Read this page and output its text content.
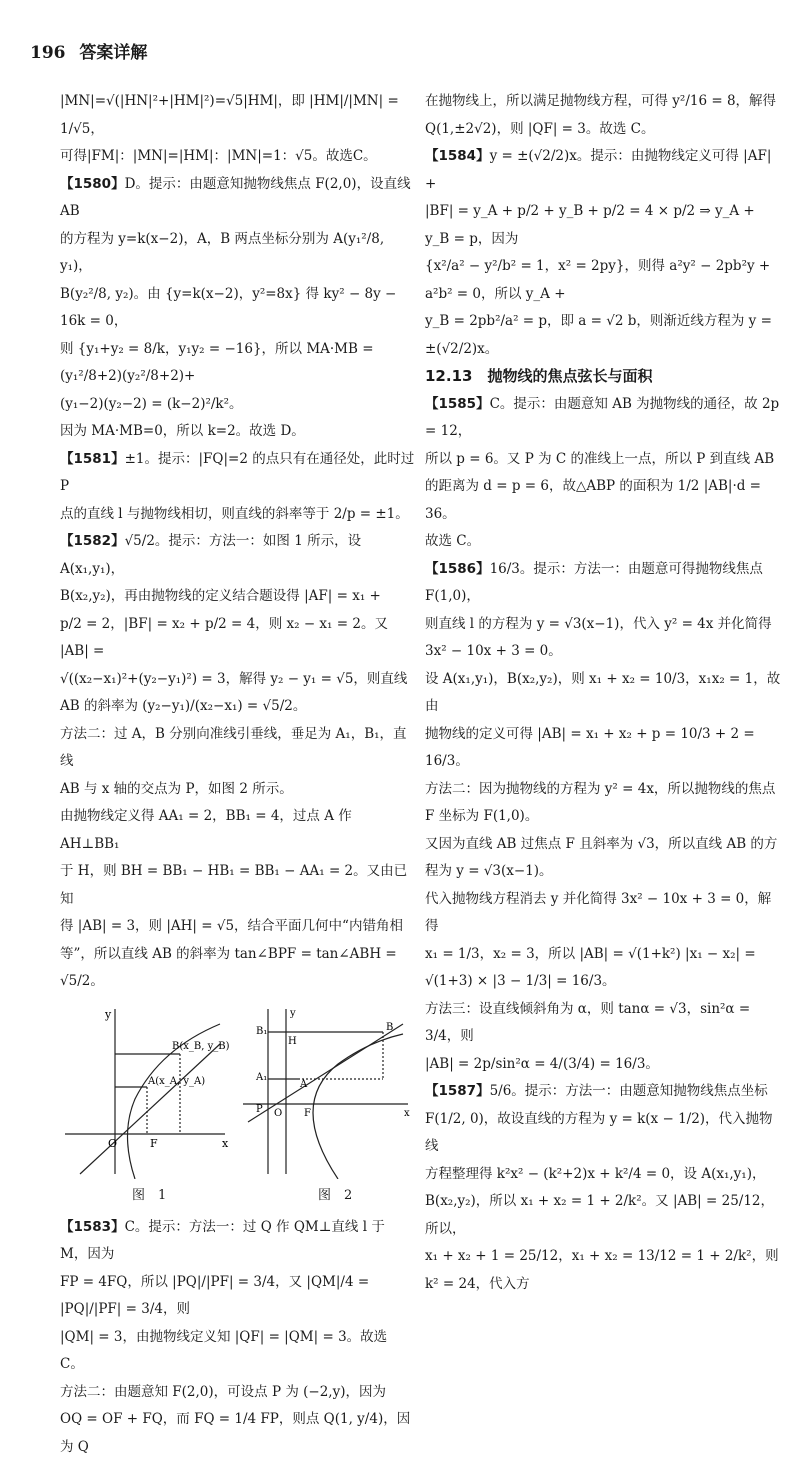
196 答案详解

|MN|=√(|HN|²+|HM|²)=√5|HM|，即 |HM|/|MN| = 1/√5，

可得|FM|：|MN|=|HM|：|MN|=1：√5。故选C。

【1580】D。提示：由题意知抛物线焦点 F(2,0)，设直线 AB

的方程为 y=k(x−2)，A，B 两点坐标分别为 A(y₁²/8, y₁)，

B(y₂²/8, y₂)。由 {y=k(x−2)，y²=8x} 得 ky² − 8y − 16k = 0，

则 {y₁+y₂ = 8/k，y₁y₂ = −16}，所以 MA·MB = (y₁²/8+2)(y₂²/8+2)+

(y₁−2)(y₂−2) = (k−2)²/k²。

因为 MA·MB=0，所以 k=2。故选 D。

【1581】±1。提示：|FQ|=2 的点只有在通径处，此时过 P

点的直线 l 与抛物线相切，则直线的斜率等于 2/p = ±1。

【1582】√5/2。提示：方法一：如图 1 所示，设 A(x₁,y₁)，

B(x₂,y₂)，再由抛物线的定义结合题设得 |AF| = x₁ +

p/2 = 2，|BF| = x₂ + p/2 = 4，则 x₂ − x₁ = 2。又 |AB| =

√((x₂−x₁)²+(y₂−y₁)²) = 3，解得 y₂ − y₁ = √5，则直线

AB 的斜率为 (y₂−y₁)/(x₂−x₁) = √5/2。

方法二：过 A，B 分别向准线引垂线，垂足为 A₁，B₁，直线

AB 与 x 轴的交点为 P，如图 2 所示。

由抛物线定义得 AA₁ = 2，BB₁ = 4，过点 A 作 AH⊥BB₁

于 H，则 BH = BB₁ − HB₁ = BB₁ − AA₁ = 2。又由已知

得 |AB| = 3，则 |AH| = √5，结合平面几何中“内错角相

等”，所以直线 AB 的斜率为 tan∠BPF = tan∠ABH = √5/2。

O	F	x
y
B(x_B, y_B)
A(x_A, y_A)
图　1
B₁
A₁
H
B
A
P O F	x
y
图　2

【1583】C。提示：方法一：过 Q 作 QM⊥直线 l 于 M，因为

FP = 4FQ，所以 |PQ|/|PF| = 3/4，又 |QM|/4 = |PQ|/|PF| = 3/4，则

|QM| = 3，由抛物线定义知 |QF| = |QM| = 3。故选 C。

方法二：由题意知 F(2,0)，可设点 P 为 (−2,y)，因为

OQ = OF + FQ，而 FQ = 1/4 FP，则点 Q(1, y/4)，因为 Q

在抛物线上，所以满足抛物线方程，可得 y²/16 = 8，解得

Q(1,±2√2)，则 |QF| = 3。故选 C。

【1584】y = ±(√2/2)x。提示：由抛物线定义可得 |AF| +

|BF| = y_A + p/2 + y_B + p/2 = 4 × p/2 ⇒ y_A + y_B = p，因为

{x²/a² − y²/b² = 1，x² = 2py}，则得 a²y² − 2pb²y + a²b² = 0，所以 y_A +

y_B = 2pb²/a² = p，即 a = √2 b，则渐近线方程为 y = ±(√2/2)x。

12.13　抛物线的焦点弦长与面积

【1585】C。提示：由题意知 AB 为抛物线的通径，故 2p = 12，

所以 p = 6。又 P 为 C 的准线上一点，所以 P 到直线 AB

的距离为 d = p = 6，故△ABP 的面积为 1/2 |AB|·d = 36。

故选 C。

【1586】16/3。提示：方法一：由题意可得抛物线焦点 F(1,0)，

则直线 l 的方程为 y = √3(x−1)，代入 y² = 4x 并化简得

3x² − 10x + 3 = 0。

设 A(x₁,y₁)，B(x₂,y₂)，则 x₁ + x₂ = 10/3，x₁x₂ = 1，故由

抛物线的定义可得 |AB| = x₁ + x₂ + p = 10/3 + 2 = 16/3。

方法二：因为抛物线的方程为 y² = 4x，所以抛物线的焦点

F 坐标为 F(1,0)。

又因为直线 AB 过焦点 F 且斜率为 √3，所以直线 AB 的方

程为 y = √3(x−1)。

代入抛物线方程消去 y 并化简得 3x² − 10x + 3 = 0，解得

x₁ = 1/3，x₂ = 3，所以 |AB| = √(1+k²) |x₁ − x₂| =

√(1+3) × |3 − 1/3| = 16/3。

方法三：设直线倾斜角为 α，则 tanα = √3，sin²α = 3/4，则

|AB| = 2p/sin²α = 4/(3/4) = 16/3。

【1587】5/6。提示：方法一：由题意知抛物线焦点坐标

F(1/2, 0)，故设直线的方程为 y = k(x − 1/2)，代入抛物线

方程整理得 k²x² − (k²+2)x + k²/4 = 0，设 A(x₁,y₁)，

B(x₂,y₂)，所以 x₁ + x₂ = 1 + 2/k²。又 |AB| = 25/12，所以，

x₁ + x₂ + 1 = 25/12，x₁ + x₂ = 13/12 = 1 + 2/k²，则 k² = 24，代入方
